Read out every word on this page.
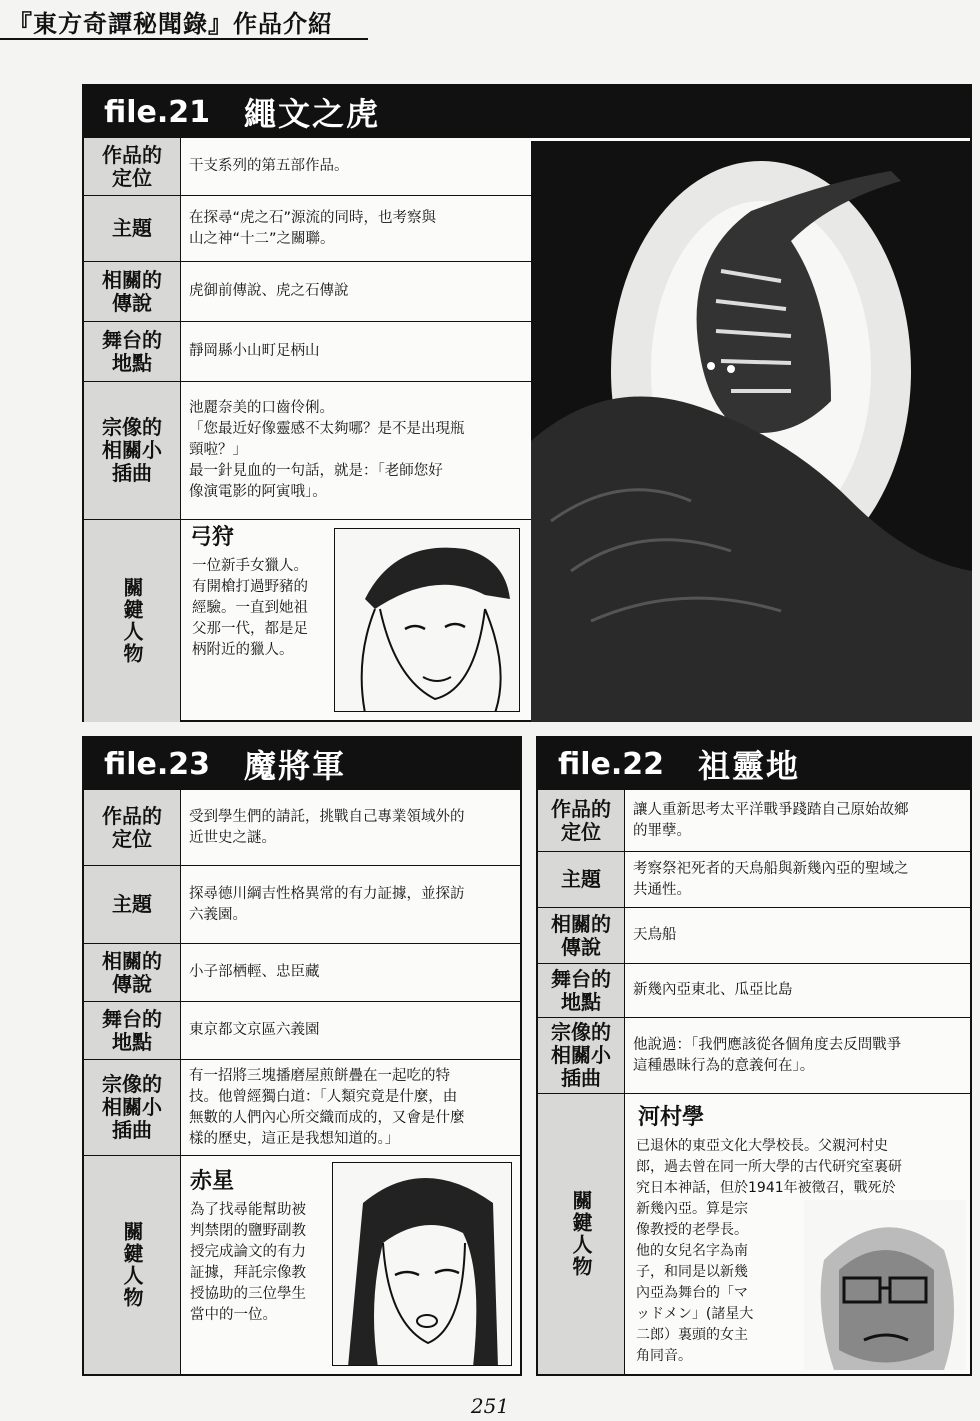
『東方奇譚秘聞錄』作品介紹
file.21 繩文之虎
作品的
定位
主題
相關的
傳說
舞台的
地點
宗像的
相關小
插曲
關鍵人物
干支系列的第五部作品。
在探尋“虎之石”源流的同時，也考察與
山之神“十二”之關聯。
虎御前傳說、虎之石傳說
靜岡縣小山町足柄山
池麗奈美的口齒伶俐。
「您最近好像靈感不太夠哪？是不是出現瓶
頸啦？」
最一針見血的一句話，就是：「老師您好
像演電影的阿寅哦」。
弓狩
一位新手女獵人。
有開槍打過野豬的
經驗。一直到她祖
父那一代，都是足
柄附近的獵人。
file.23 魔將軍
作品的
定位
主題
相關的
傳說
舞台的
地點
宗像的
相關小
插曲
關鍵人物
受到學生們的請託，挑戰自己專業領域外的
近世史之謎。
探尋德川綱吉性格異常的有力証據，並探訪
六義園。
小子部栖輕、忠臣藏
東京都文京區六義園
有一招將三塊播磨屋煎餅疊在一起吃的特
技。他曾經獨白道：「人類究竟是什麼，由
無數的人們內心所交織而成的，又會是什麼
樣的歷史，這正是我想知道的。」
赤星
為了找尋能幫助被
判禁閉的鹽野副教
授完成論文的有力
証據，拜託宗像教
授協助的三位學生
當中的一位。
file.22 祖靈地
作品的
定位
主題
相關的
傳說
舞台的
地點
宗像的
相關小
插曲
關鍵人物
讓人重新思考太平洋戰爭踐踏自己原始故鄉
的罪孽。
考察祭祀死者的天鳥船與新幾內亞的聖域之
共通性。
天鳥船
新幾內亞東北、瓜亞比島
他說過：「我們應該從各個角度去反問戰爭
這種愚昧行為的意義何在」。
河村學
已退休的東亞文化大學校長。父親河村史
郎，過去曾在同一所大學的古代研究室裏研
究日本神話，但於1941年被徵召，戰死於
新幾內亞。算是宗
像教授的老學長。
他的女兒名字為南
子，和同是以新幾
內亞為舞台的「マ
ッドメン」(諸星大
二郎）裏頭的女主
角同音。
251
